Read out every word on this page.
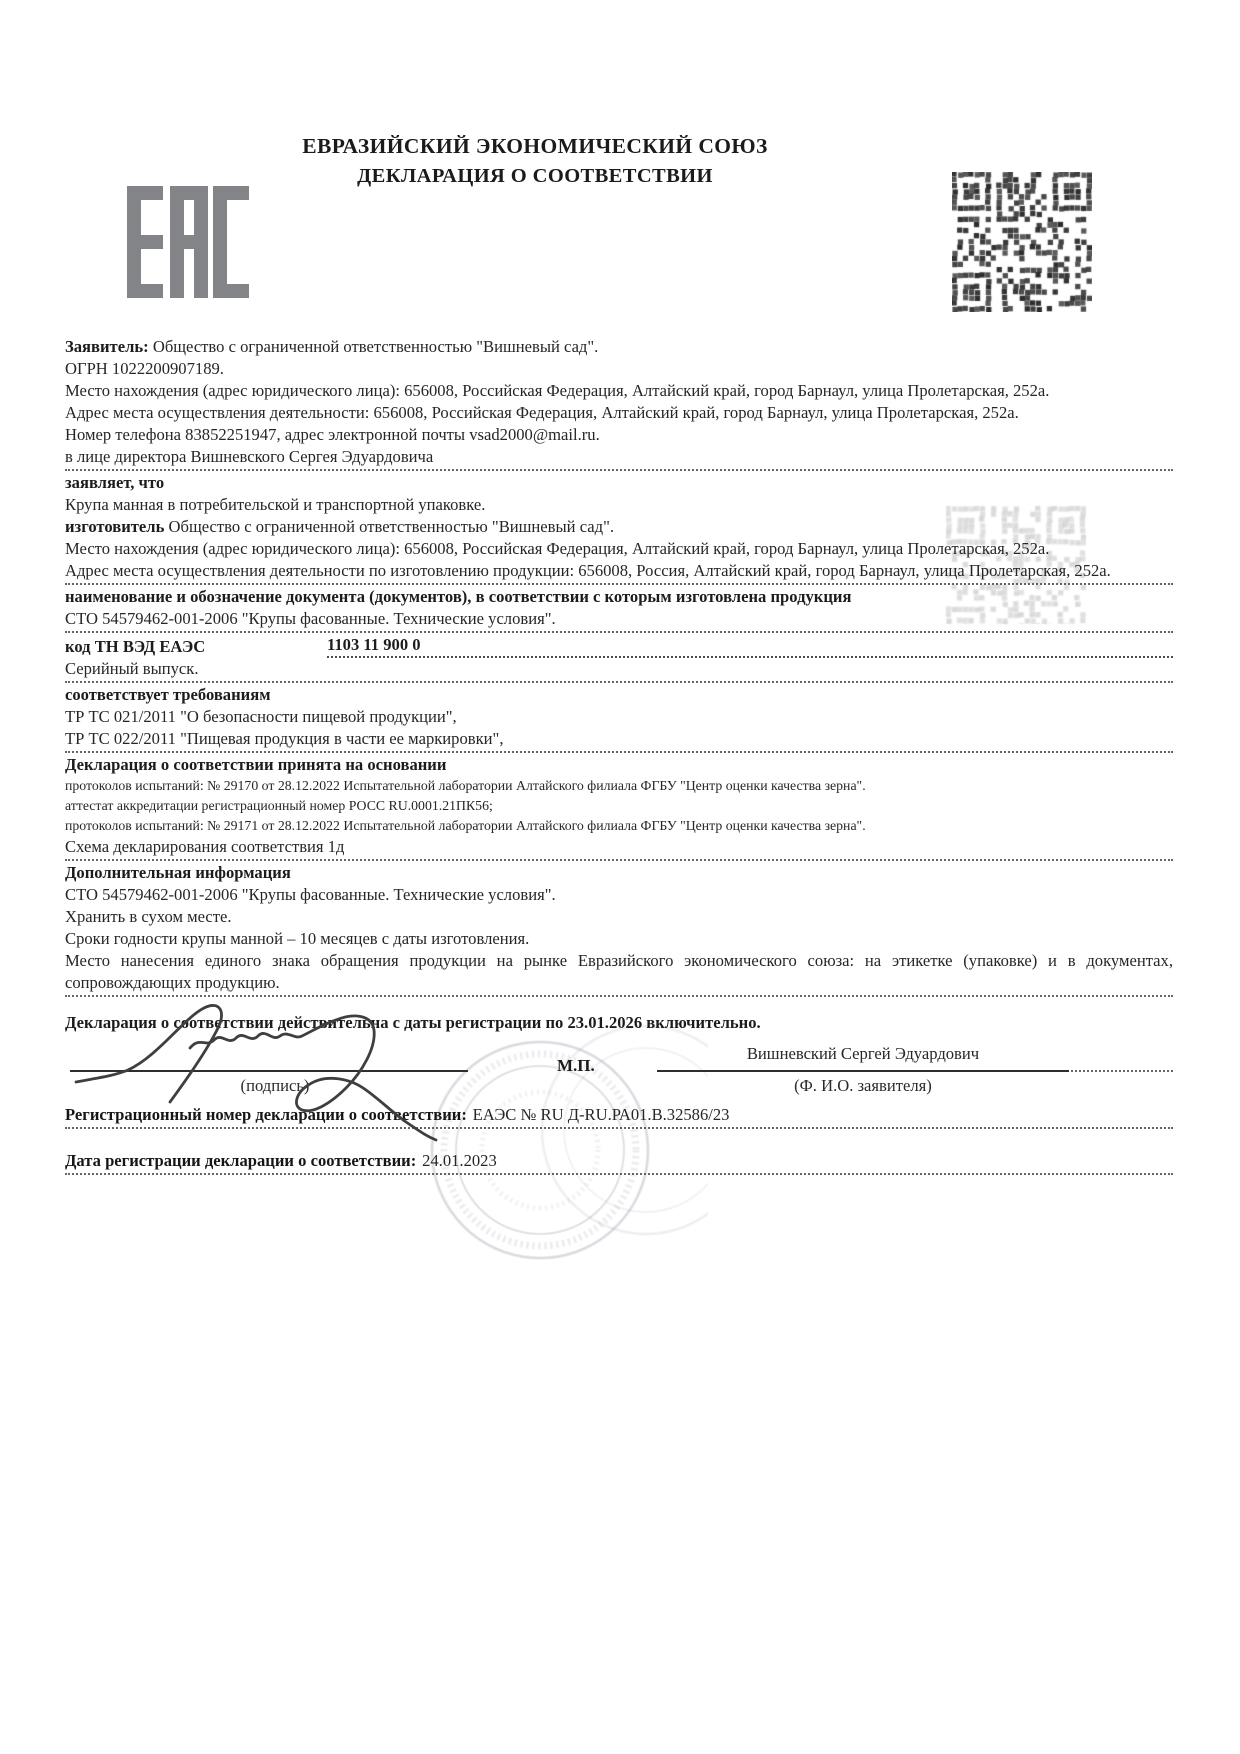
ЕВРАЗИЙСКИЙ ЭКОНОМИЧЕСКИЙ СОЮЗ
ДЕКЛАРАЦИЯ О СООТВЕТСТВИИ

Заявитель: Общество с ограниченной ответственностью "Вишневый сад".

ОГРН 1022200907189.

Место нахождения (адрес юридического лица): 656008, Российская Федерация, Алтайский край, город Барнаул, улица Пролетарская, 252а.

Адрес места осуществления деятельности: 656008, Российская Федерация, Алтайский край, город Барнаул, улица Пролетарская, 252а.

Номер телефона 83852251947, адрес электронной почты vsad2000@mail.ru.

в лице директора Вишневского Сергея Эдуардовича

заявляет, что

Крупа манная в потребительской и транспортной упаковке.

изготовитель Общество с ограниченной ответственностью "Вишневый сад".

Место нахождения (адрес юридического лица): 656008, Российская Федерация, Алтайский край, город Барнаул, улица Пролетарская, 252а.

Адрес места осуществления деятельности по изготовлению продукции: 656008, Россия, Алтайский край, город Барнаул, улица Пролетарская, 252а.

наименование и обозначение документа (документов), в соответствии с которым изготовлена продукция

СТО 54579462-001-2006 "Крупы фасованные. Технические условия".

код ТН ВЭД ЕАЭС	1103 11 900 0

Серийный выпуск.

соответствует требованиям

ТР ТС 021/2011 "О безопасности пищевой продукции",

ТР ТС 022/2011 "Пищевая продукция в части ее маркировки",

Декларация о соответствии принята на основании

протоколов испытаний: № 29170 от 28.12.2022 Испытательной лаборатории Алтайского филиала ФГБУ "Центр оценки качества зерна".

аттестат аккредитации регистрационный номер РОСС RU.0001.21ПК56;

протоколов испытаний: № 29171 от 28.12.2022 Испытательной лаборатории Алтайского филиала ФГБУ "Центр оценки качества зерна".

Схема декларирования соответствия 1д

Дополнительная информация

СТО 54579462-001-2006 "Крупы фасованные. Технические условия".

Хранить в сухом месте.

Сроки годности крупы манной – 10 месяцев с даты изготовления.

Место нанесения единого знака обращения продукции на рынке Евразийского экономического союза: на этикетке (упаковке) и в документах, сопровождающих продукцию.

Декларация о соответствии действительна с даты регистрации по 23.01.2026 включительно.

(подпись)
М.П.
Вишневский Сергей Эдуардович
(Ф. И.О. заявителя)

Регистрационный номер декларации о соответствии: ЕАЭС № RU Д-RU.РА01.В.32586/23

Дата регистрации декларации о соответствии: 24.01.2023
